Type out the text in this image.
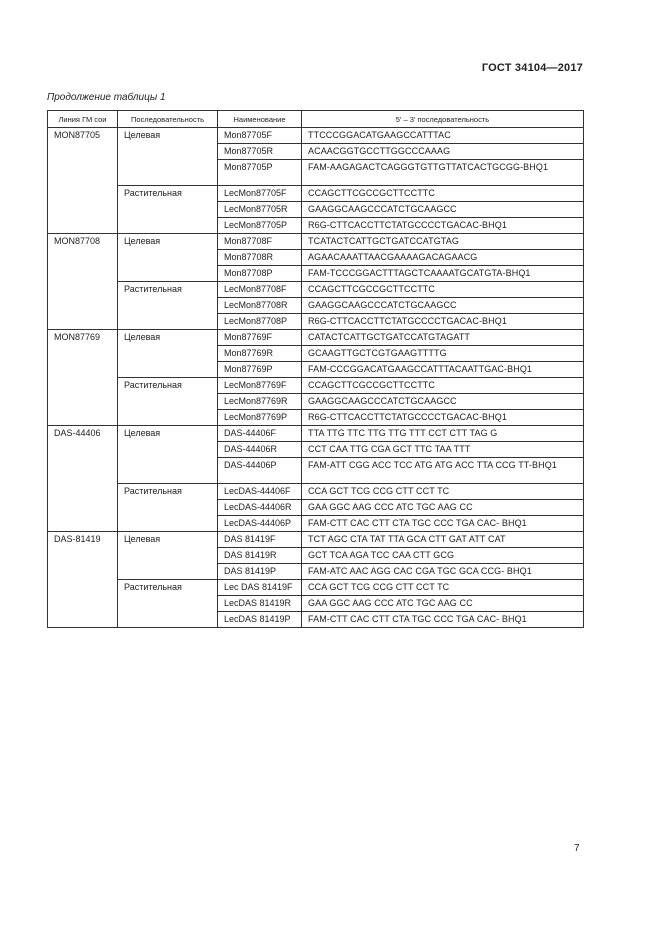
ГОСТ 34104—2017
Продолжение таблицы 1
Линия ГМ сои	Последовательность	Наименование	5' – 3' последовательность
MON87705	Целевая	Mon87705F	TTCCCGGACATGAAGCCATTTAC
		Mon87705R	ACAACGGTGCCTTGGCCCAAAG
		Mon87705P	FAM-AAGAGACTCAGGGTGTTGTTATCACTGCGG-BHQ1
	Растительная	LecMon87705F	CCAGCTTCGCCGCTTCCTTC
		LecMon87705R	GAAGGCAAGCCCATCTGCAAGCC
		LecMon87705P	R6G-CTTCACCTTCTATGCCCCTGACAC-BHQ1
MON87708	Целевая	Mon87708F	TCATACTCATTGCTGATCCATGTAG
		Mon87708R	AGAACAAATTAACGAAAAGACAGAACG
		Mon87708P	FAM-TCCCGGACTTTAGCTCAAAATGCATGTA-BHQ1
	Растительная	LecMon87708F	CCAGCTTCGCCGCTTCCTTC
		LecMon87708R	GAAGGCAAGCCCATCTGCAAGCC
		LecMon87708P	R6G-CTTCACCTTCTATGCCCCTGACAC-BHQ1
MON87769	Целевая	Mon87769F	CATACTCATTGCTGATCCATGTAGATT
		Mon87769R	GCAAGTTGCTCGTGAAGTTTTG
		Mon87769P	FAM-CCCGGACATGAAGCCATTTACAATTGAC-BHQ1
	Растительная	LecMon87769F	CCAGCTTCGCCGCTTCCTTC
		LecMon87769R	GAAGGCAAGCCCATCTGCAAGCC
		LecMon87769P	R6G-CTTCACCTTCTATGCCCCTGACAC-BHQ1
DAS-44406	Целевая	DAS-44406F	TTA TTG TTC TTG TTG TTT CCT CTT TAG G
		DAS-44406R	CCT CAA TTG CGA GCT TTC TAA TTT
		DAS-44406P	FAM-ATT CGG ACC TCC ATG ATG ACC TTA CCG TT-BHQ1
	Растительная	LecDAS-44406F	CCA GCT TCG CCG CTT CCT TC
		LecDAS-44406R	GAA GGC AAG CCC ATC TGC AAG CC
		LecDAS-44406P	FAM-CTT CAC CTT CTA TGC CCC TGA CAC- BHQ1
DAS-81419	Целевая	DAS 81419F	TCT AGC CTA TAT TTA GCA CTT GAT ATT CAT
		DAS 81419R	GCT TCA AGA TCC CAA CTT GCG
		DAS 81419P	FAM-ATC AAC AGG CAC CGA TGC GCA CCG- BHQ1
	Растительная	Lec DAS 81419F	CCA GCT TCG CCG CTT CCT TC
		LecDAS 81419R	GAA GGC AAG CCC ATC TGC AAG CC
		LecDAS 81419P	FAM-CTT CAC CTT CTA TGC CCC TGA CAC- BHQ1
7
